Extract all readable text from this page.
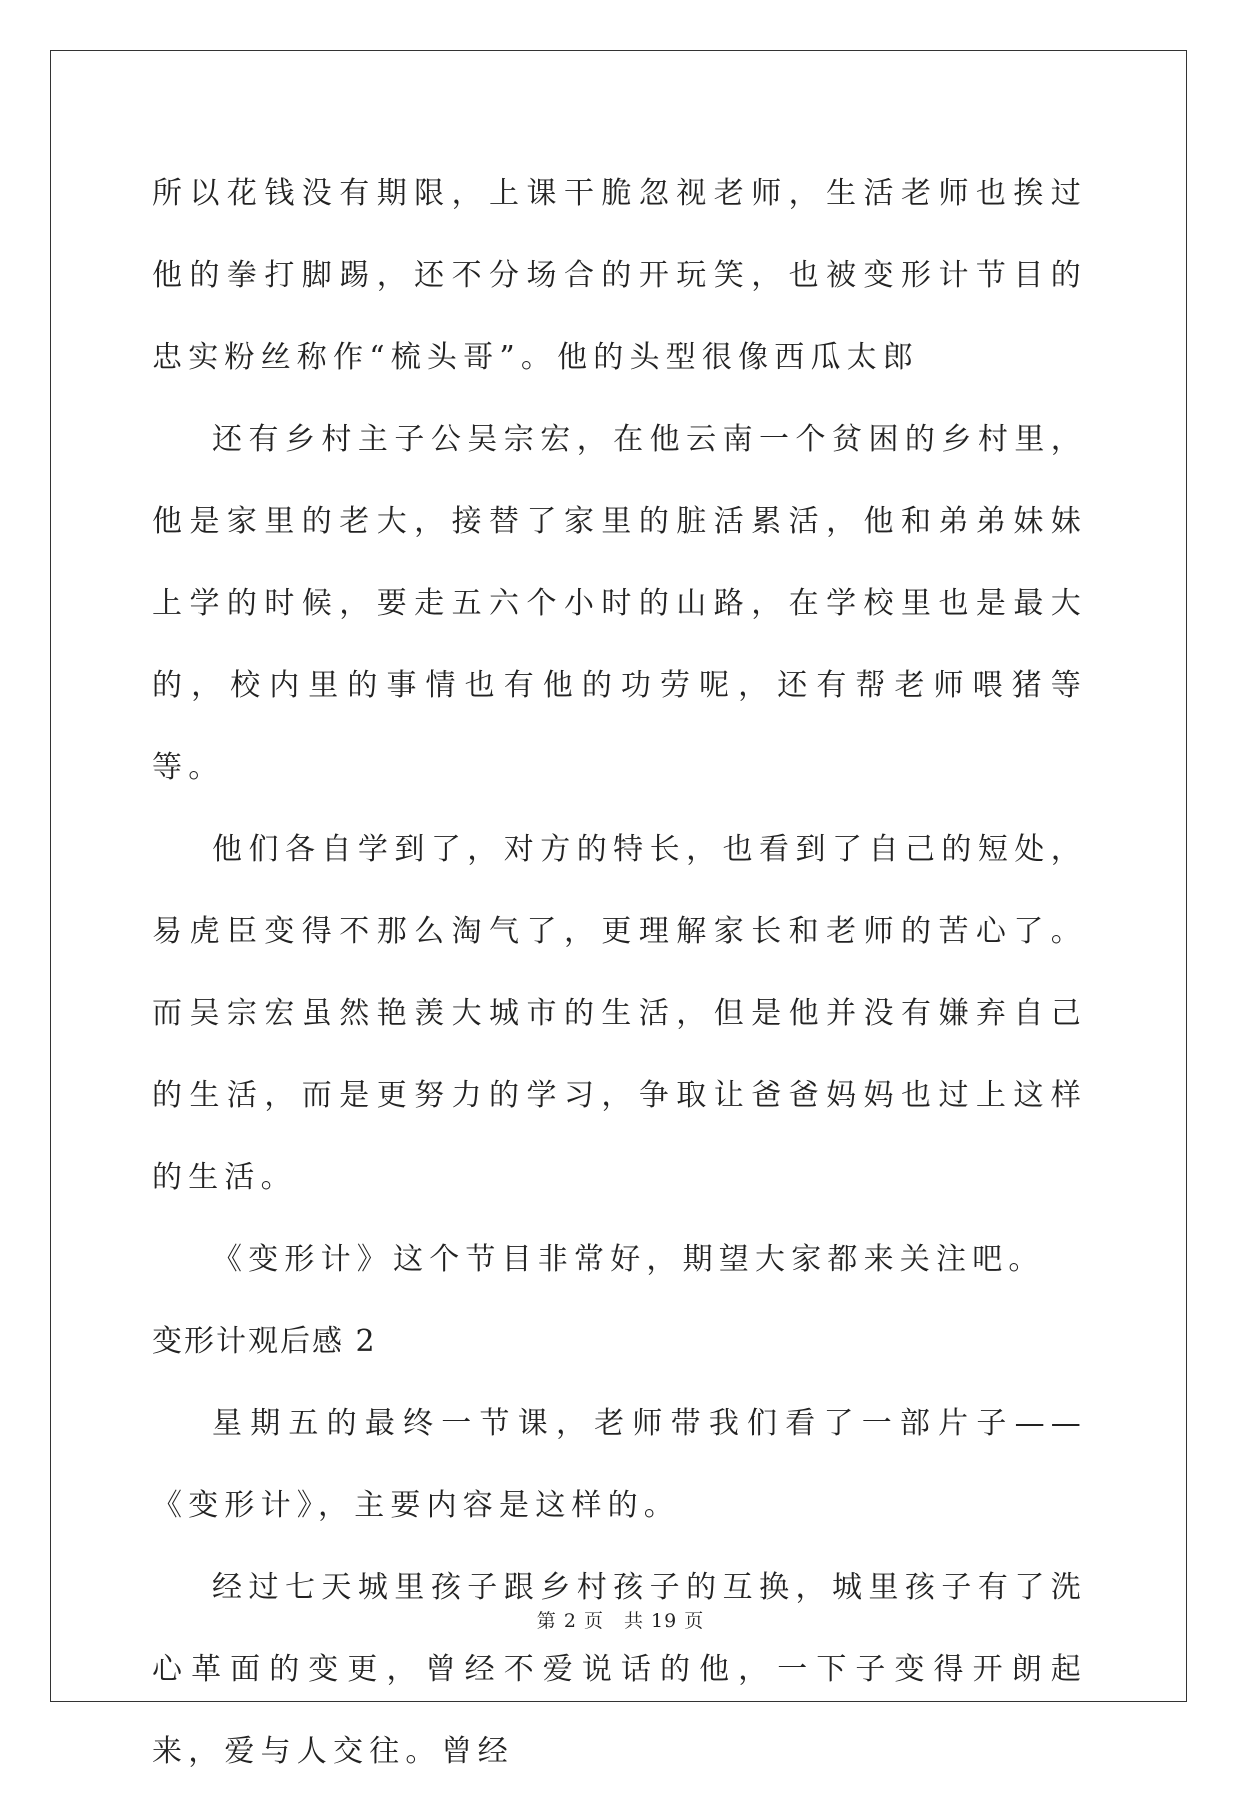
所以花钱没有期限，上课干脆忽视老师，生活老师也挨过他的拳打脚踢，还不分场合的开玩笑，也被变形计节目的忠实粉丝称作“梳头哥”。他的头型很像西瓜太郎

还有乡村主子公吴宗宏，在他云南一个贫困的乡村里，他是家里的老大，接替了家里的脏活累活，他和弟弟妹妹上学的时候，要走五六个小时的山路，在学校里也是最大的，校内里的事情也有他的功劳呢，还有帮老师喂猪等等。

他们各自学到了，对方的特长，也看到了自己的短处，易虎臣变得不那么淘气了，更理解家长和老师的苦心了。而吴宗宏虽然艳羡大城市的生活，但是他并没有嫌弃自己的生活，而是更努力的学习，争取让爸爸妈妈也过上这样的生活。

《变形计》这个节目非常好，期望大家都来关注吧。

变形计观后感 2

星期五的最终一节课，老师带我们看了一部片子——《变形计》，主要内容是这样的。

经过七天城里孩子跟乡村孩子的互换，城里孩子有了洗心革面的变更，曾经不爱说话的他，一下子变得开朗起来，爱与人交往。曾经

第 2 页　共 19 页
